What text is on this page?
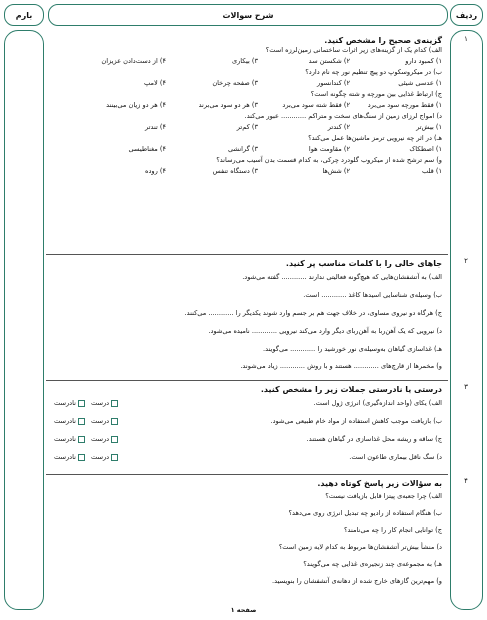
ردیف
شرح سوالات
بارم
۱
۲
۳
۴
گزینه‌ی صحیح را مشخص کنید.
الف) کدام یک از گزینه‌های زیر اثرات ساختمانی زمین‌لرزه است؟
۱) کمبود دارو
۲) شکستن سد
۳) بیکاری
۴) از دست‌دادن عزیزان
ب) در میکروسکوپ دو پیچ تنظیم نور چه نام دارد؟
۱) عدسی شیئی
۲) کندانسور
۳) صفحه چرخان
۴) لامپ
ج) ارتباط غذایی بین مورچه و شته چگونه است؟
۱) فقط مورچه سود می‌برد
۲) فقط شته سود می‌برد
۳) هر دو سود می‌برند
۴) هر دو زیان می‌بینند
د) امواج لرزای زمین از سنگ‌های سخت و متراکم ............ عبور می‌کند.
۱) بیش‌تر
۲) کندتر
۳) کم‌تر
۴) تندتر
هـ) در اثر چه نیرویی ترمز ماشین‌ها عمل می‌کند؟
۱) اصطکاک
۲) مقاومت هوا
۳) گرانشی
۴) مغناطیسی
و) سم ترشح شده از میکروب گلودرد چرکی، به کدام قسمت بدن آسیب می‌رساند؟
۱) قلب
۲) شش‌ها
۳) دستگاه تنفس
۴) روده
جاهای خالی را با کلمات مناسب پر کنید.
الف) به آتشفشان‌هایی که هیچ‌گونه فعالیتی ندارند ............ گفته می‌شود.
ب) وسیله‌ی شناسایی اسیدها کاغذ ............ است.
ج) هرگاه دو نیروی مساوی، در خلاف جهت هم بر جسم وارد شوند یکدیگر را ............ می‌کنند.
د) نیرویی که یک آهن‌ربا به آهن‌ربای دیگر وارد می‌کند نیرویی ............ نامیده می‌شود.
هـ) غذاسازی گیاهان به‌وسیله‌ی نور خورشید را ............ می‌گویند.
و) مخمرها از قارچ‌های ............ هستند و با روش ............ زیاد می‌شوند.
درستی یا نادرستی جملات زیر را مشخص کنید.
الف) یکای (واحد اندازه‌گیری) انرژی ژول است.
درست
نادرست
ب) بازیافت موجب کاهش استفاده از مواد خام طبیعی می‌شود.
درست
نادرست
ج) ساقه و ریشه محل غذاسازی در گیاهان هستند.
درست
نادرست
د) سگ ناقل بیماری طاعون است.
درست
نادرست
به سؤالات زیر پاسخ کوتاه دهید.
الف) چرا جعبه‌ی پیتزا قابل بازیافت نیست؟
ب) هنگام استفاده از رادیو چه تبدیل انرژی روی می‌دهد؟
ج) توانایی انجام کار را چه می‌نامند؟
د) منشأ بیش‌تر آتشفشان‌ها مربوط به کدام لایه زمین است؟
هـ) به مجموعه‌ی چند زنجیره‌ی غذایی چه می‌گویند؟
و) مهم‌ترین گازهای خارج شده از دهانه‌ی آتشفشان را بنویسید.
صفحه ۱
